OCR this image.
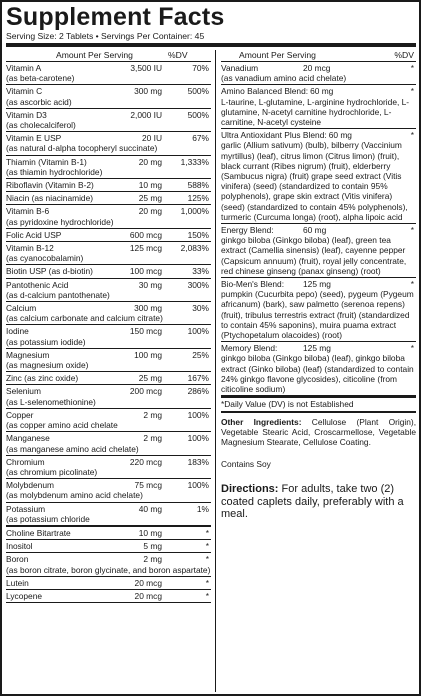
Supplement Facts
Serving Size: 2 Tablets • Servings Per Container: 45
Amount Per Serving	%DV
Vitamin A	3,500 IU	70%
(as beta-carotene)
Vitamin C	300 mg	500%
(as ascorbic acid)
Vitamin D3	2,000 IU	500%
(as cholecalciferol)
Vitamin E USP	20 IU	67%
(as natural d-alpha tocopheryl succinate)
Thiamin (Vitamin B-1)	20 mg	1,333%
(as thiamin hydrochloride)
Riboflavin (Vitamin B-2)	10 mg	588%
Niacin (as niacinamide)	25 mg	125%
Vitamin B-6	20 mg	1,000%
(as pyridoxine hydrochloride)
Folic Acid USP	600 mcg	150%
Vitamin B-12	125 mcg	2,083%
(as cyanocobalamin)
Biotin USP (as d-biotin)	100 mcg	33%
Pantothenic Acid	30 mg	300%
(as d-calcium pantothenate)
Calcium	300 mg	30%
(as calcium carbonate and calcium citrate)
Iodine	150 mcg	100%
(as potassium iodide)
Magnesium	100 mg	25%
(as magnesium oxide)
Zinc (as zinc oxide)	25 mg	167%
Selenium	200 mcg	286%
(as L-selenomethionine)
Copper	2 mg	100%
(as copper amino acid chelate
Manganese	2 mg	100%
(as manganese amino acid chelate)
Chromium	220 mcg	183%
(as chromium picolinate)
Molybdenum	75 mcg	100%
(as molybdenum amino acid chelate)
Potassium	40 mg	1%
(as potassium chloride
Choline Bitartrate	10 mg	*
Inositol	5 mg	*
Boron	2 mg	*
(as boron citrate, boron glycinate, and boron aspartate)
Lutein	20 mcg	*
Lycopene	20 mcg	*
Amount Per Serving	%DV
Vanadium	20 mcg	*
(as vanadium amino acid chelate)
Amino Balanced Blend: 60 mg	*
L-taurine, L-glutamine, L-arginine hydrochloride, L-glutamine, N-acetyl carnitine hydrochloride, L-carnitine, N-acetyl cysteine
Ultra Antioxidant Plus Blend: 60 mg	*
garlic (Allium sativum) (bulb), bilberry (Vaccinium myrtillus) (leaf), citrus limon (Citrus limon) (fruit), black currant (Ribes nigrum) (fruit), elderberry (Sambucus nigra) (fruit) grape seed extract (Vitis vinifera) (seed) (standardized to contain 95% polyphenols), grape skin extract (Vitis vinifera) (seed) (standardized to contain 45% polyphenols), turmeric (Curcuma longa) (root), alpha lipoic acid
Energy Blend:	60 mg	*
ginkgo biloba (Ginkgo biloba) (leaf), green tea extract (Camellia sinensis) (leaf), cayenne pepper (Capsicum annuum) (fruit), royal jelly concentrate, red chinese ginseng (panax ginseng) (root)
Bio-Men's Blend:	125 mg	*
pumpkin (Cucurbita pepo) (seed), pygeum (Pygeum africanum) (bark), saw palmetto (serenoa repens) (fruit), tribulus terrestris extract (fruit) (standardized to contain 45% saponins), muira puama extract (Ptychopetalum olacoides) (root)
Memory Blend:	125 mg	*
ginkgo biloba (Ginkgo biloba) (leaf), ginkgo biloba extract (Ginko biloba) (leaf) (standardized to contain 24% ginkgo flavone glycosides), citicoline (from citicoline sodium)
*Daily Value (DV) is not Established
Other Ingredients: Cellulose (Plant Origin), Vegetable Stearic Acid, Croscarmellose, Vegetable Magnesium Stearate, Cellulose Coating.
Contains Soy
Directions: For adults, take two (2) coated caplets daily, preferably with a meal.
